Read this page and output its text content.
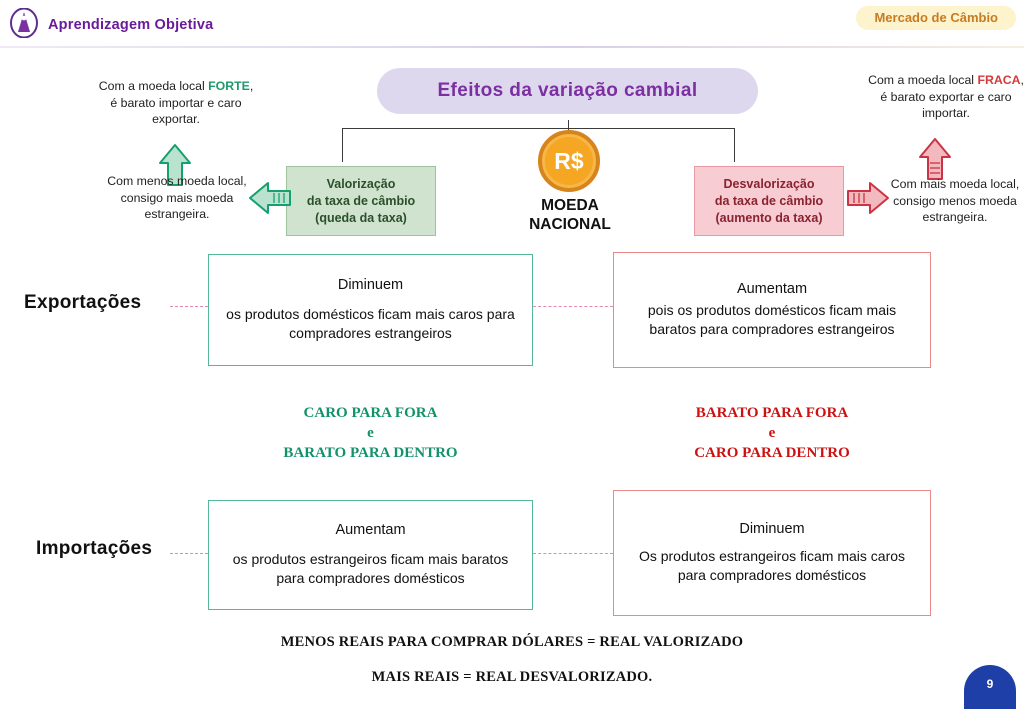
Aprendizagem Objetiva	Mercado de Câmbio
Efeitos da variação cambial
R$
MOEDA
NACIONAL
Valorização
da taxa de câmbio
(queda da taxa)
Desvalorização
da taxa de câmbio
(aumento da taxa)
Com a moeda local FORTE, é barato importar e caro exportar.
Com menos moeda local, consigo mais moeda estrangeira.
Com a moeda local FRACA, é barato exportar e caro importar.
Com mais moeda local, consigo menos moeda estrangeira.
Exportações
Diminuem
os produtos domésticos ficam mais caros para compradores estrangeiros
Aumentam
pois os produtos domésticos ficam mais baratos para compradores estrangeiros
CARO PARA FORA
e
BARATO PARA DENTRO
BARATO PARA FORA
e
CARO PARA DENTRO
Importações
Aumentam
os produtos estrangeiros ficam mais baratos para compradores domésticos
Diminuem
Os produtos estrangeiros ficam mais caros para compradores domésticos
MENOS REAIS PARA COMPRAR DÓLARES = REAL VALORIZADO
MAIS REAIS = REAL DESVALORIZADO.	9
